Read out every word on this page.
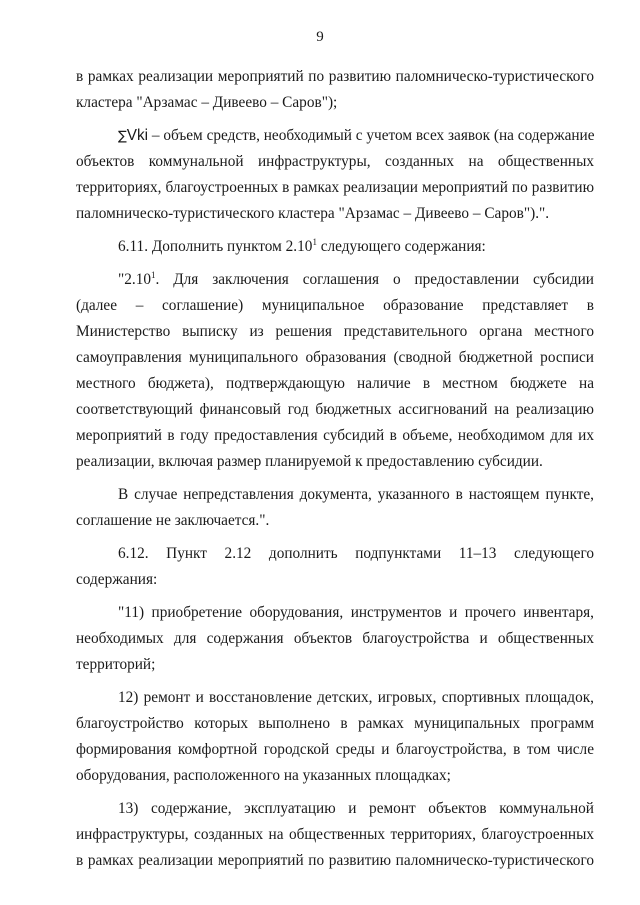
9
в рамках реализации мероприятий по развитию паломническо-туристического
кластера "Арзамас – Дивеево – Саров");
∑Vki – объем средств, необходимый с учетом всех заявок (на содержание
объектов коммунальной инфраструктуры, созданных на общественных
территориях, благоустроенных в рамках реализации мероприятий по развитию
паломническо-туристического кластера "Арзамас – Дивеево – Саров").".
6.11. Дополнить пунктом 2.10$^1$ следующего содержания:
"2.10$^1$. Для заключения соглашения о предоставлении субсидии
(далее – соглашение) муниципальное образование представляет в
Министерство выписку из решения представительного органа местного
самоуправления муниципального образования (сводной бюджетной росписи
местного бюджета), подтверждающую наличие в местном бюджете на
соответствующий финансовый год бюджетных ассигнований на реализацию
мероприятий в году предоставления субсидий в объеме, необходимом для их
реализации, включая размер планируемой к предоставлению субсидии.
В случае непредставления документа, указанного в настоящем пункте,
соглашение не заключается.".
6.12. Пункт 2.12 дополнить подпунктами 11–13 следующего
содержания:
"11) приобретение оборудования, инструментов и прочего инвентаря,
необходимых для содержания объектов благоустройства и общественных
территорий;
12) ремонт и восстановление детских, игровых, спортивных площадок,
благоустройство которых выполнено в рамках муниципальных программ
формирования комфортной городской среды и благоустройства, в том числе
оборудования, расположенного на указанных площадках;
13) содержание, эксплуатацию и ремонт объектов коммунальной
инфраструктуры, созданных на общественных территориях, благоустроенных
в рамках реализации мероприятий по развитию паломническо-туристического
